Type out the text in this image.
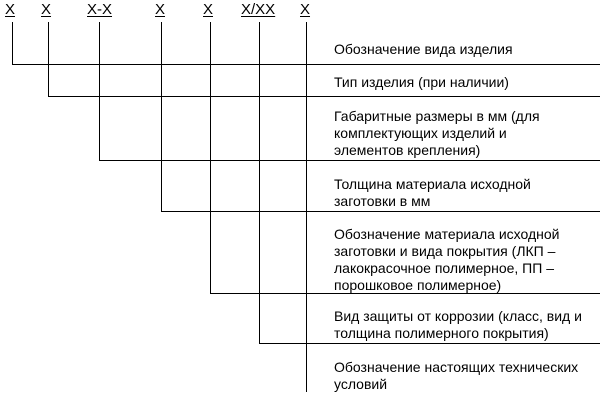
X X X-X	X	X X/XX X
Обозначение вида изделия
Тип изделия (при наличии)
Габаритные размеры в мм (для комплектующих изделий и элементов крепления)
Толщина материала исходной заготовки в мм
Обозначение материала исходной заготовки и вида покрытия (ЛКП – лакокрасочное полимерное, ПП – порошковое полимерное)
Вид защиты от коррозии (класс, вид и толщина полимерного покрытия)
Обозначение настоящих технических условий
